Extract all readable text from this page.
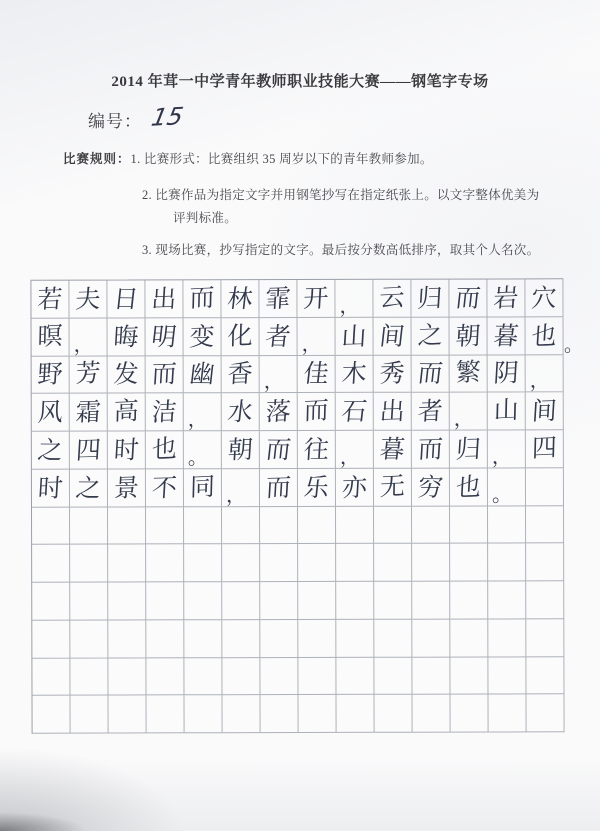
2014 年茸一中学青年教师职业技能大赛——钢笔字专场
编号： 15
比赛规则：1. 比赛形式：比赛组织 35 周岁以下的青年教师参加。
2. 比赛作品为指定文字并用钢笔抄写在指定纸张上。以文字整体优美为
评判标准。
3. 现场比赛，抄写指定的文字。最后按分数高低排序，取其个人名次。
若 夫 日 出 而 林 霏 开 ， 云 归 而 岩 穴
暝 ， 晦 明 变 化 者 ， 山 间 之 朝 暮 也
野 芳 发 而 幽 香 ， 佳 木 秀 而 繁 阴 ，
风 霜 高 洁 ， 水 落 而 石 出 者 ， 山 间
之 四 时 也 。 朝 而 往 ， 暮 而 归 ， 四
时 之 景 不 同 ， 而 乐 亦 无 穷 也 。
。
